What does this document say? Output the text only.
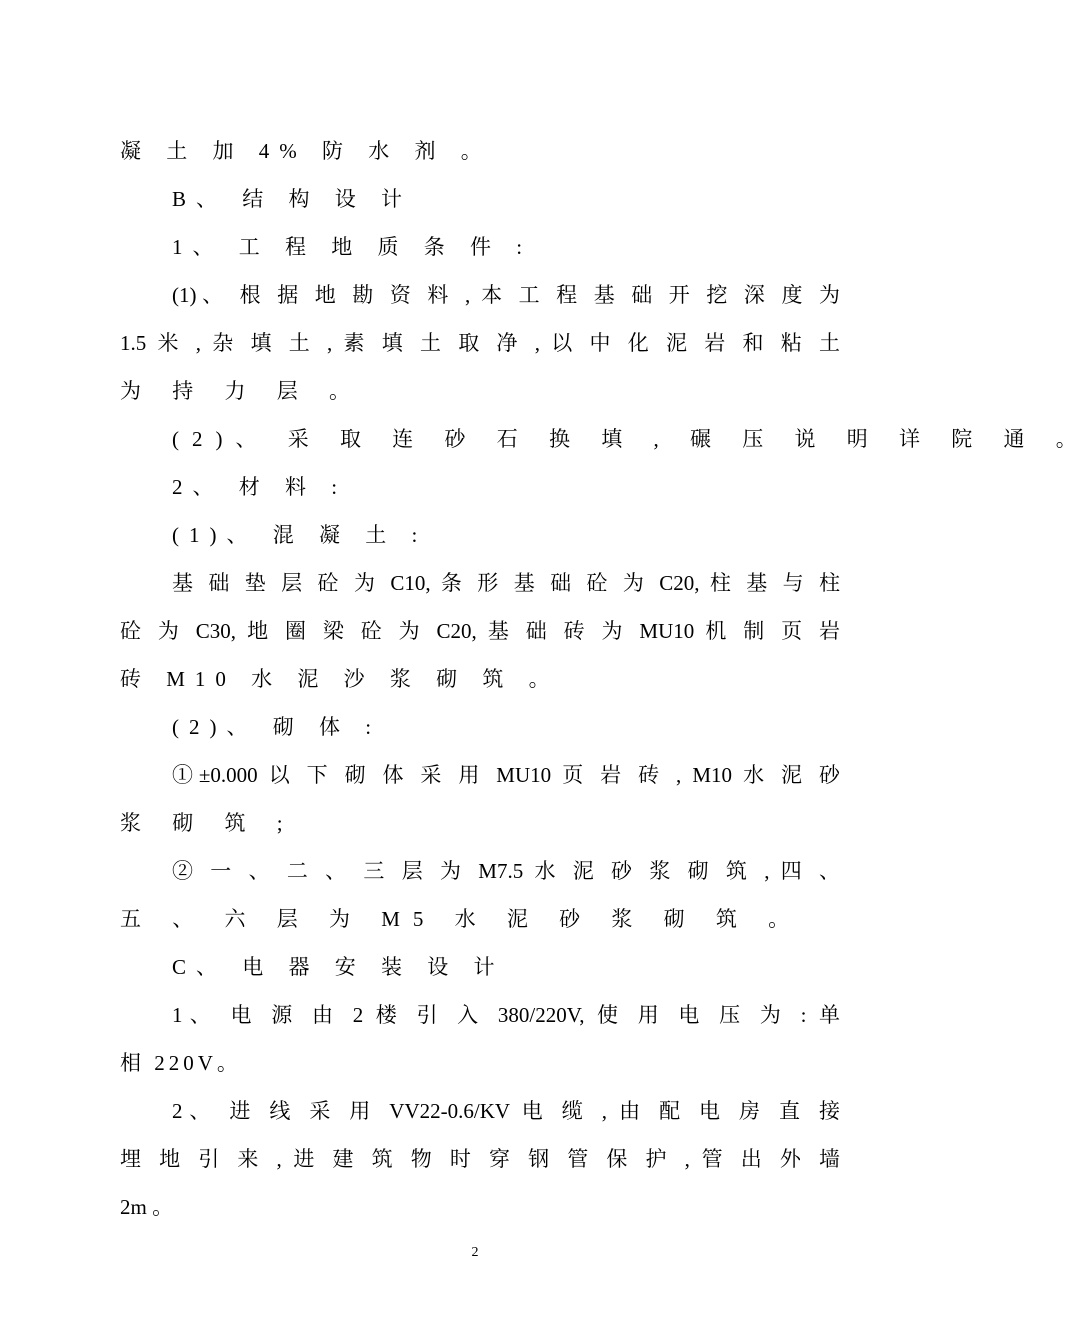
凝 土 加 4% 防 水 剂 。
B、 结 构 设 计
1、 工 程 地 质 条 件 :
(1)、 根 据 地 勘 资 料 , 本 工 程 基 础 开 挖 深 度 为
1.5 米 , 杂 填 土 , 素 填 土 取 净 , 以 中 化 泥 岩 和 粘 土
为 持 力 层 。
(2)、 采 取 连 砂 石 换 填 , 碾 压 说 明 详 院 通 。
2、 材 料 :
(1)、 混 凝 土 :
基 础 垫 层 砼 为 C10, 条 形 基 础 砼 为 C20, 柱 基 与 柱
砼 为 C30, 地 圈 梁 砼 为 C20, 基 础 砖 为 MU10 机 制 页 岩
砖 M10 水 泥 沙 浆 砌 筑 。
(2)、 砌 体 :
①±0.000 以 下 砌 体 采 用 MU10 页 岩 砖 , M10 水 泥 砂
浆 砌 筑 ;
② 一 、 二 、 三 层 为 M7.5 水 泥 砂 浆 砌 筑 , 四 、
五 、 六 层 为 M5 水 泥 砂 浆 砌 筑 。
C、 电 器 安 装 设 计
1、 电 源 由 2 楼 引 入 380/220V, 使 用 电 压 为 : 单
相 220V。
2、 进 线 采 用 VV22-0.6/KV 电 缆 , 由 配 电 房 直 接
埋 地 引 来 , 进 建 筑 物 时 穿 钢 管 保 护 , 管 出 外 墙
2m 。
2
